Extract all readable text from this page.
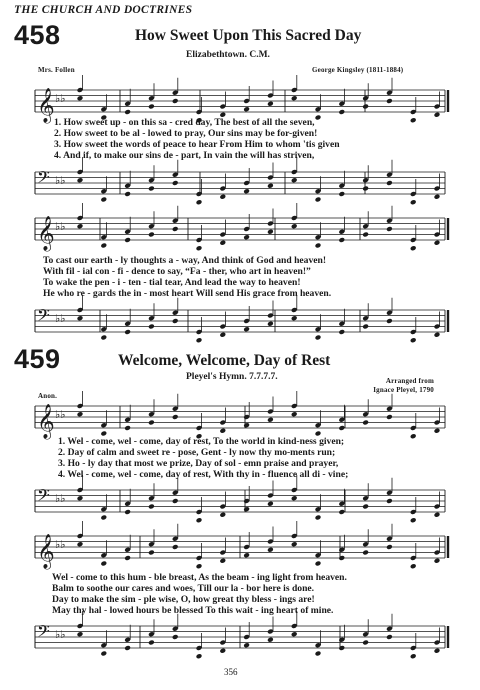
THE CHURCH AND DOCTRINES
458	How Sweet Upon This Sacred Day
Elizabethtown. C.M.
Mrs. Follen	George Kingsley (1811-1884)
𝄞 ♭♭
1. How sweet up - on this sa - cred day, The best of all the seven,
2. How sweet to be al - lowed to pray, Our sins may be for-given!
3. How sweet the words of peace to hear From Him to whom 'tis given
4. And if, to make our sins de - part, In vain the will has striven,
𝄢 ♭♭
𝄞 ♭♭
To cast our earth - ly thoughts a - way, And think of God and heaven!
With fil - ial con - fi - dence to say, “Fa - ther, who art in heaven!”
To wake the pen - i - ten - tial tear, And lead the way to heaven!
He who re - gards the in - most heart Will send His grace from heaven.
𝄢 ♭♭
459	Welcome, Welcome, Day of Rest
Pleyel's Hymn. 7.7.7.7.
Anon.
Arranged from
Ignace Pleyel, 1790
𝄞 ♭♭
1. Wel - come, wel - come, day of rest, To the world in kind-ness given;
2. Day of calm and sweet re - pose, Gent - ly now thy mo-ments run;
3. Ho - ly day that most we prize, Day of sol - emn praise and prayer,
4. Wel - come, wel - come, day of rest, With thy in - fluence all di - vine;
𝄢 ♭♭
𝄞 ♭♭
Wel - come to this hum - ble breast, As the beam - ing light from heaven.
Balm to soothe our cares and woes, Till our la - bor here is done.
Day to make the sim - ple wise, O, how great thy bless - ings are!
May thy hal - lowed hours be blessed To this wait - ing heart of mine.
𝄢 ♭♭
356
